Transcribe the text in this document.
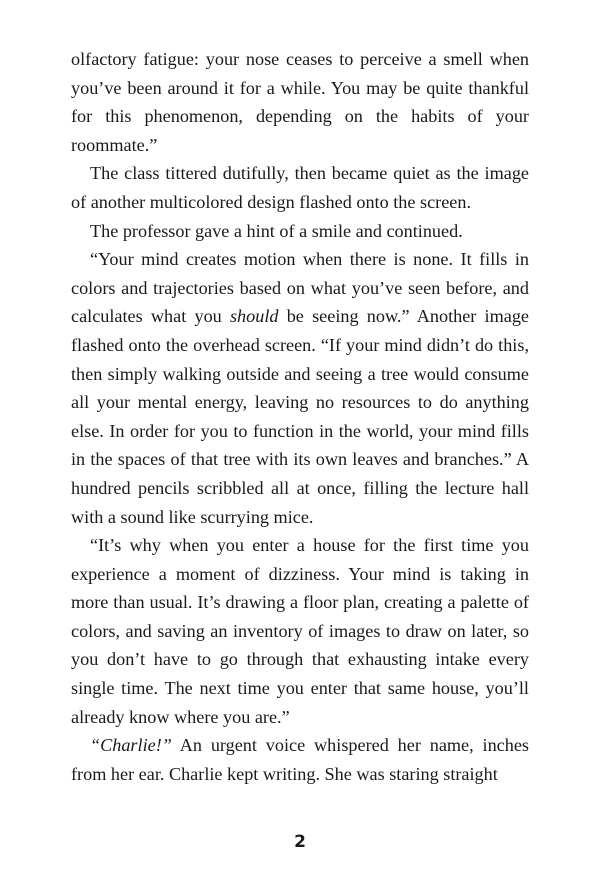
olfactory fatigue: your nose ceases to perceive a smell when you’ve been around it for a while. You may be quite thankful for this phenomenon, depending on the habits of your roommate.”

The class tittered dutifully, then became quiet as the image of another multicolored design flashed onto the screen.

The professor gave a hint of a smile and continued.

“Your mind creates motion when there is none. It fills in colors and trajectories based on what you’ve seen before, and calculates what you should be seeing now.” Another image flashed onto the overhead screen. “If your mind didn’t do this, then simply walking outside and seeing a tree would consume all your mental energy, leaving no resources to do anything else. In order for you to function in the world, your mind fills in the spaces of that tree with its own leaves and branches.” A hundred pencils scribbled all at once, filling the lecture hall with a sound like scurrying mice.

“It’s why when you enter a house for the first time you experience a moment of dizziness. Your mind is taking in more than usual. It’s drawing a floor plan, creating a palette of colors, and saving an inventory of images to draw on later, so you don’t have to go through that exhausting intake every single time. The next time you enter that same house, you’ll already know where you are.”

“Charlie!” An urgent voice whispered her name, inches from her ear. Charlie kept writing. She was staring straight

2
